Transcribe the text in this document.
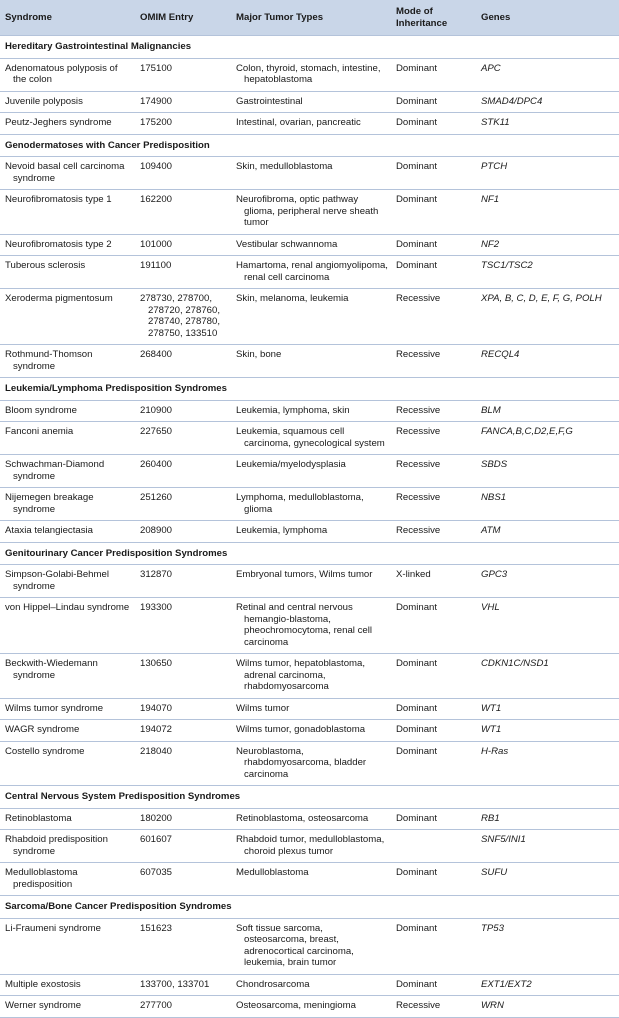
Syndrome	OMIM Entry	Major Tumor Types	Mode of Inheritance	Genes
Hereditary Gastrointestinal Malignancies				

Adenomatous polyposis of the colon	175100	Colon, thyroid, stomach, intestine, hepatoblastoma	Dominant	APC

Juvenile polyposis	174900	Gastrointestinal	Dominant	SMAD4/DPC4

Peutz-Jeghers syndrome	175200	Intestinal, ovarian, pancreatic	Dominant	STK11

Genodermatoses with Cancer Predisposition				

Nevoid basal cell carcinoma syndrome	109400	Skin, medulloblastoma	Dominant	PTCH

Neurofibromatosis type 1	162200	Neurofibroma, optic pathway glioma, peripheral nerve sheath tumor	Dominant	NF1

Neurofibromatosis type 2	101000	Vestibular schwannoma	Dominant	NF2

Tuberous sclerosis	191100	Hamartoma, renal angiomyolipoma, renal cell carcinoma	Dominant	TSC1/TSC2

Xeroderma pigmentosum	278730, 278700, 278720, 278760, 278740, 278780, 278750, 133510	Skin, melanoma, leukemia	Recessive	XPA, B, C, D, E, F, G, POLH

Rothmund-Thomson syndrome	268400	Skin, bone	Recessive	RECQL4

Leukemia/Lymphoma Predisposition Syndromes				

Bloom syndrome	210900	Leukemia, lymphoma, skin	Recessive	BLM

Fanconi anemia	227650	Leukemia, squamous cell carcinoma, gynecological system	Recessive	FANCA,B,C,D2,E,F,G

Schwachman-Diamond syndrome	260400	Leukemia/myelodysplasia	Recessive	SBDS

Nijemegen breakage syndrome	251260	Lymphoma, medulloblastoma, glioma	Recessive	NBS1

Ataxia telangiectasia	208900	Leukemia, lymphoma	Recessive	ATM

Genitourinary Cancer Predisposition Syndromes				

Simpson-Golabi-Behmel syndrome	312870	Embryonal tumors, Wilms tumor	X-linked	GPC3

von Hippel–Lindau syndrome	193300	Retinal and central nervous hemangio-blastoma, pheochromocytoma, renal cell carcinoma	Dominant	VHL

Beckwith-Wiedemann syndrome	130650	Wilms tumor, hepatoblastoma, adrenal carcinoma, rhabdomyosarcoma	Dominant	CDKN1C/NSD1

Wilms tumor syndrome	194070	Wilms tumor	Dominant	WT1

WAGR syndrome	194072	Wilms tumor, gonadoblastoma	Dominant	WT1

Costello syndrome	218040	Neuroblastoma, rhabdomyosarcoma, bladder carcinoma	Dominant	H-Ras

Central Nervous System Predisposition Syndromes				

Retinoblastoma	180200	Retinoblastoma, osteosarcoma	Dominant	RB1

Rhabdoid predisposition syndrome	601607	Rhabdoid tumor, medulloblastoma, choroid plexus tumor		SNF5/INI1

Medulloblastoma predisposition	607035	Medulloblastoma	Dominant	SUFU

Sarcoma/Bone Cancer Predisposition Syndromes				

Li-Fraumeni syndrome	151623	Soft tissue sarcoma, osteosarcoma, breast, adrenocortical carcinoma, leukemia, brain tumor	Dominant	TP53

Multiple exostosis	133700, 133701	Chondrosarcoma	Dominant	EXT1/EXT2

Werner syndrome	277700	Osteosarcoma, meningioma	Recessive	WRN
